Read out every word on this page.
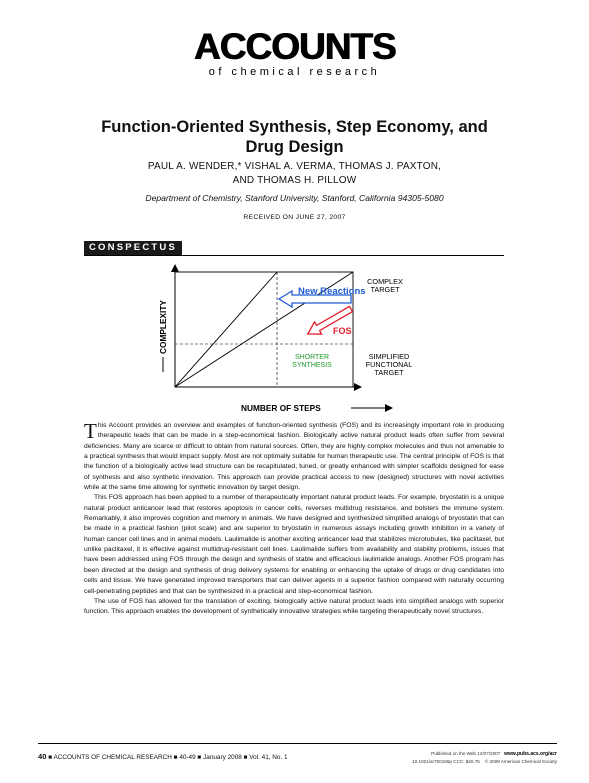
ACCOUNTS
of chemical research
Function-Oriented Synthesis, Step Economy, and
Drug Design
PAUL A. WENDER,* VISHAL A. VERMA, THOMAS J. PAXTON,
AND THOMAS H. PILLOW
Department of Chemistry, Stanford University, Stanford, California 94305-5080
RECEIVED ON JUNE 27, 2007
CONSPECTUS
New Reactions
FOS
COMPLEX
TARGET
SHORTER
SYNTHESIS
SIMPLIFIED
FUNCTIONAL
TARGET
COMPLEXITY
NUMBER OF STEPS

This Account provides an overview and examples of function-oriented synthesis (FOS) and its increasingly important role in producing therapeutic leads that can be made in a step-economical fashion. Biologically active natural product leads often suffer from several deficiencies. Many are scarce or difficult to obtain from natural sources. Often, they are highly complex molecules and thus not amenable to a practical synthesis that would impact supply. Most are not optimally suitable for human therapeutic use. The central principle of FOS is that the function of a biologically active lead structure can be recapitulated, tuned, or greatly enhanced with simpler scaffolds designed for ease of synthesis and also synthetic innovation. This approach can provide practical access to new (designed) structures with novel activities while at the same time allowing for synthetic innovation by target design.

This FOS approach has been applied to a number of therapeutically important natural product leads. For example, bryostatin is a unique natural product anticancer lead that restores apoptosis in cancer cells, reverses multidrug resistance, and bolsters the immune system. Remarkably, it also improves cognition and memory in animals. We have designed and synthesized simplified analogs of bryostatin that can be made in a practical fashion (pilot scale) and are superior to bryostatin in numerous assays including growth inhibition in a variety of human cancer cell lines and in animal models. Laulimalide is another exciting anticancer lead that stabilizes microtubules, like paclitaxel, but unlike paclitaxel, it is effective against multidrug-resistant cell lines. Laulimalide suffers from availability and stability problems, issues that have been addressed using FOS through the design and synthesis of stable and efficacious laulimalide analogs. Another FOS program has been directed at the design and synthesis of drug delivery systems for enabling or enhancing the uptake of drugs or drug candidates into cells and tissue. We have generated improved transporters that can deliver agents in a superior fashion compared with naturally occurring cell-penetrating peptides and that can be synthesized in a practical and step-economical fashion.

The use of FOS has allowed for the translation of exciting, biologically active natural product leads into simplified analogs with superior function. This approach enables the development of synthetically innovative strategies while targeting therapeutically novel structures.

40 ■ ACCOUNTS OF CHEMICAL RESEARCH ■ 40-49 ■ January 2008 ■ Vol. 41, No. 1
Published on the Web 12/07/2007 www.pubs.acs.org/acr
10.1021/ar700155p CCC: $40.75 © 2008 American Chemical Society
